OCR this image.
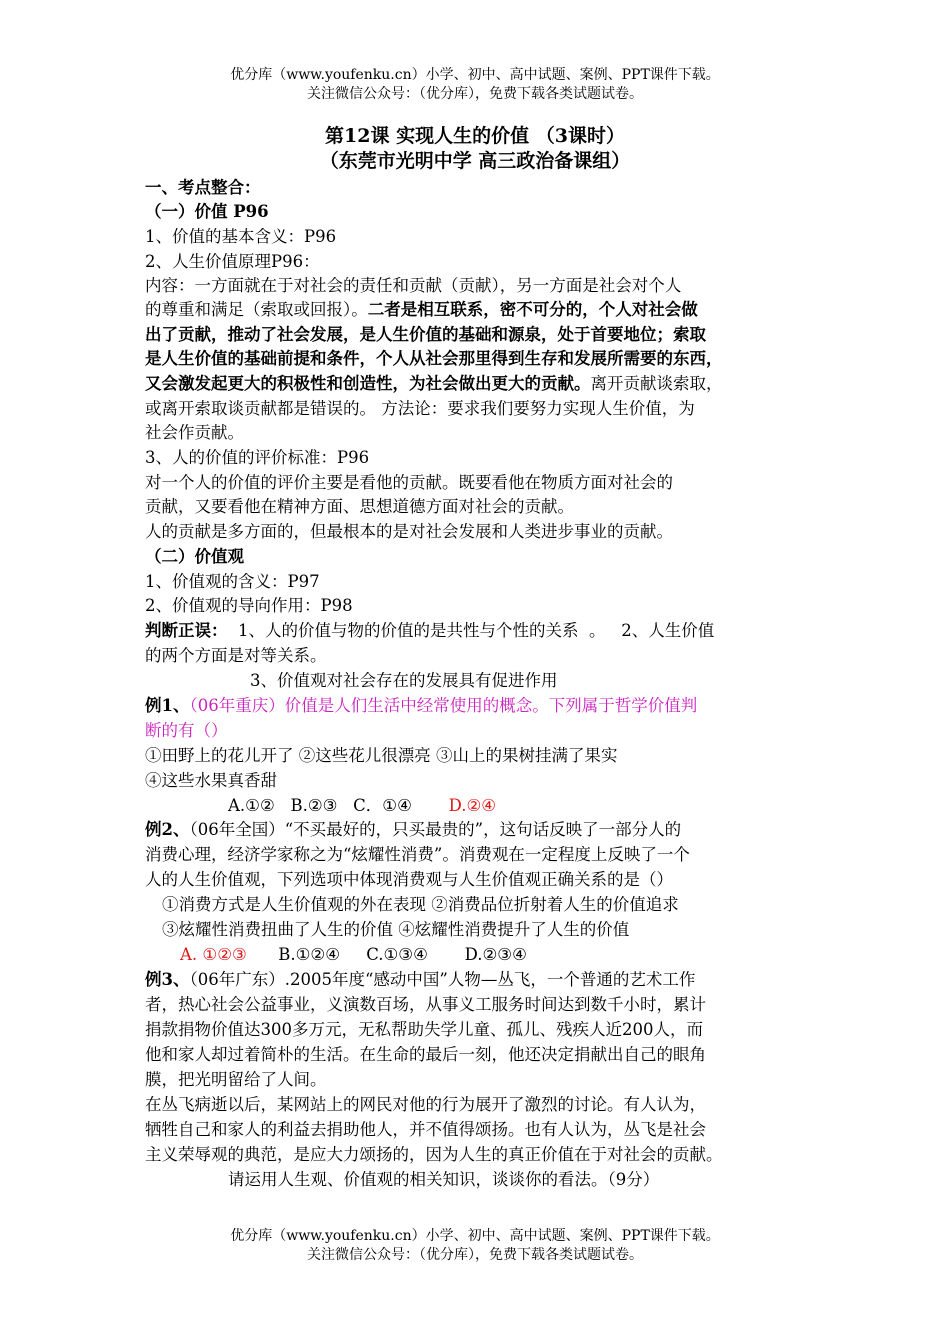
优分库（www.youfenku.cn）小学、初中、高中试题、案例、PPT课件下载。
关注微信公众号：（优分库），免费下载各类试题试卷。
第12课 实现人生的价值 （3课时）
（东莞市光明中学 高三政治备课组）
一、考点整合：
（一）价值 P96
1、价值的基本含义：P96
2、人生价值原理P96：
内容：一方面就在于对社会的责任和贡献（贡献），另一方面是社会对个人
的尊重和满足（索取或回报）。二者是相互联系，密不可分的，个人对社会做
出了贡献，推动了社会发展，是人生价值的基础和源泉，处于首要地位；索取
是人生价值的基础前提和条件，个人从社会那里得到生存和发展所需要的东西，
又会激发起更大的积极性和创造性，为社会做出更大的贡献。离开贡献谈索取，
或离开索取谈贡献都是错误的。 方法论：要求我们要努力实现人生价值，为
社会作贡献。
3、人的价值的评价标准：P96
对一个人的价值的评价主要是看他的贡献。既要看他在物质方面对社会的
贡献，又要看他在精神方面、思想道德方面对社会的贡献。
人的贡献是多方面的，但最根本的是对社会发展和人类进步事业的贡献。
（二）价值观
1、价值观的含义：P97
2、价值观的导向作用：P98
判断正误：  1、人的价值与物的价值的是共性与个性的关系  。   2、人生价值
的两个方面是对等关系。
3、价值观对社会存在的发展具有促进作用
例1、（06年重庆）价值是人们生活中经常使用的概念。下列属于哲学价值判
断的有（）
①田野上的花儿开了 ②这些花儿很漂亮 ③山上的果树挂满了果实
④这些水果真香甜
A.①②   B.②③   C．①④       D.②④
例2、（06年全国）“不买最好的，只买最贵的”，这句话反映了一部分人的
消费心理，经济学家称之为“炫耀性消费”。消费观在一定程度上反映了一个
人的人生价值观，下列选项中体现消费观与人生价值观正确关系的是（）
①消费方式是人生价值观的外在表现 ②消费品位折射着人生的价值追求
③炫耀性消费扭曲了人生的价值 ④炫耀性消费提升了人生的价值
A. ①②③      B.①②④     C.①③④       D.②③④
例3、（06年广东）.2005年度“感动中国”人物—丛飞，一个普通的艺术工作
者，热心社会公益事业，义演数百场，从事义工服务时间达到数千小时，累计
捐款捐物价值达300多万元，无私帮助失学儿童、孤儿、残疾人近200人，而
他和家人却过着简朴的生活。在生命的最后一刻，他还决定捐献出自己的眼角
膜，把光明留给了人间。
在丛飞病逝以后，某网站上的网民对他的行为展开了激烈的讨论。有人认为，
牺牲自己和家人的利益去捐助他人，并不值得颂扬。也有人认为，丛飞是社会
主义荣辱观的典范，是应大力颂扬的，因为人生的真正价值在于对社会的贡献。
请运用人生观、价值观的相关知识，谈谈你的看法。（9分）
优分库（www.youfenku.cn）小学、初中、高中试题、案例、PPT课件下载。
关注微信公众号：（优分库），免费下载各类试题试卷。
